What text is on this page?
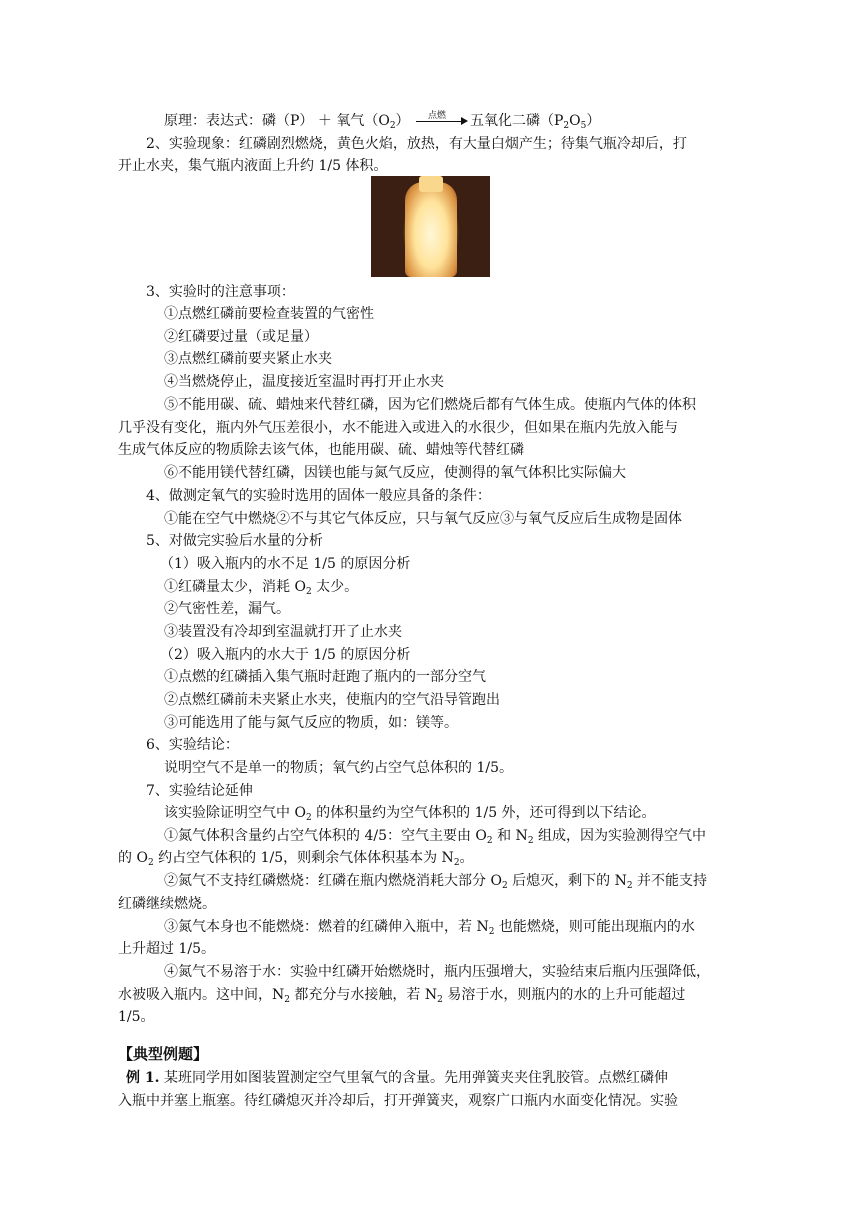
原理：表达式：磷（P） ＋ 氧气$(O_2)$ 点燃 五氧化二磷$(P_2O_5)$
2、实验现象：红磷剧烈燃烧，黄色火焰，放热，有大量白烟产生；待集气瓶冷却后，打
开止水夹，集气瓶内液面上升约 1/5 体积。
3、实验时的注意事项：
①点燃红磷前要检查装置的气密性
②红磷要过量（或足量）
③点燃红磷前要夹紧止水夹
④当燃烧停止，温度接近室温时再打开止水夹
⑤不能用碳、硫、蜡烛来代替红磷，因为它们燃烧后都有气体生成。使瓶内气体的体积
几乎没有变化，瓶内外气压差很小，水不能进入或进入的水很少，但如果在瓶内先放入能与
生成气体反应的物质除去该气体，也能用碳、硫、蜡烛等代替红磷
⑥不能用镁代替红磷，因镁也能与氮气反应，使测得的氧气体积比实际偏大
4、做测定氧气的实验时选用的固体一般应具备的条件：
①能在空气中燃烧②不与其它气体反应，只与氧气反应③与氧气反应后生成物是固体
5、对做完实验后水量的分析
（1）吸入瓶内的水不足 1/5 的原因分析
①红磷量太少，消耗 $O_2$ 太少。
②气密性差，漏气。
③装置没有冷却到室温就打开了止水夹
（2）吸入瓶内的水大于 1/5 的原因分析
①点燃的红磷插入集气瓶时赶跑了瓶内的一部分空气
②点燃红磷前未夹紧止水夹，使瓶内的空气沿导管跑出
③可能选用了能与氮气反应的物质，如：镁等。
6、实验结论：
说明空气不是单一的物质；氧气约占空气总体积的 1/5。
7、实验结论延伸
该实验除证明空气中 $O_2$ 的体积量约为空气体积的 1/5 外，还可得到以下结论。
①氮气体积含量约占空气体积的 4/5：空气主要由 $O_2$ 和 $N_2$ 组成，因为实验测得空气中
的 $O_2$ 约占空气体积的 1/5，则剩余气体体积基本为 $N_2$。
②氮气不支持红磷燃烧：红磷在瓶内燃烧消耗大部分 $O_2$ 后熄灭，剩下的 $N_2$ 并不能支持
红磷继续燃烧。
③氮气本身也不能燃烧：燃着的红磷伸入瓶中，若 $N_2$ 也能燃烧，则可能出现瓶内的水
上升超过 1/5。
④氮气不易溶于水：实验中红磷开始燃烧时，瓶内压强增大，实验结束后瓶内压强降低，
水被吸入瓶内。这中间，$N_2$ 都充分与水接触，若 $N_2$ 易溶于水，则瓶内的水的上升可能超过
1/5。
【典型例题】
例 1. 某班同学用如图装置测定空气里氧气的含量。先用弹簧夹夹住乳胶管。点燃红磷伸
入瓶中并塞上瓶塞。待红磷熄灭并冷却后，打开弹簧夹，观察广口瓶内水面变化情况。实验
